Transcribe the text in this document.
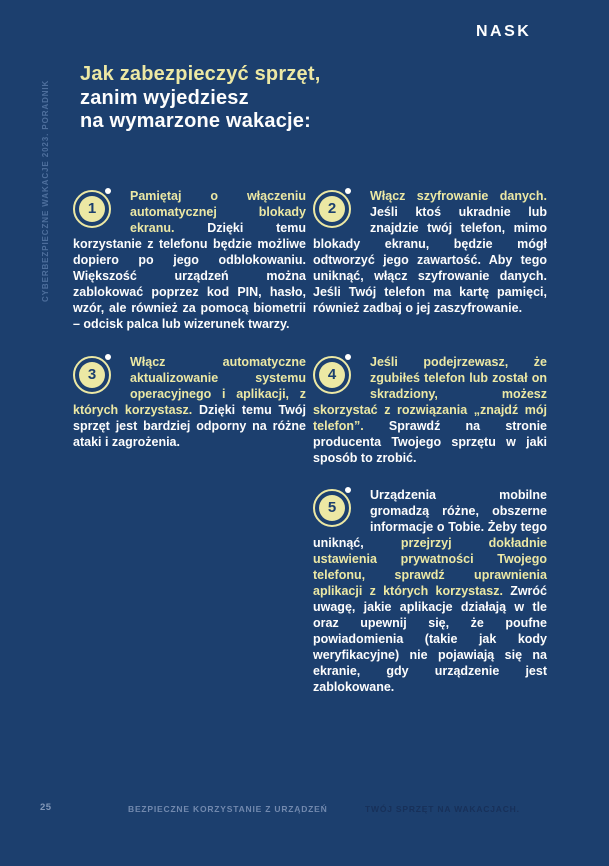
NASK
CYBERBEZPIECZNE WAKACJE 2023. PORADNIK
Jak zabezpieczyć sprzęt,
zanim wyjedziesz
na wymarzone wakacje:
1
Pamiętaj o włączeniu automatycznej blokady ekranu. Dzięki temu korzystanie z telefonu będzie możliwe dopiero po jego odblokowaniu. Większość urządzeń można zablokować poprzez kod PIN, hasło, wzór, ale również za pomocą biometrii – odcisk palca lub wizerunek twarzy.
2
Włącz szyfrowanie danych. Jeśli ktoś ukradnie lub znajdzie twój telefon, mimo blokady ekranu, będzie mógł odtworzyć jego zawartość. Aby tego uniknąć, włącz szyfrowanie danych. Jeśli Twój telefon ma kartę pamięci, również zadbaj o jej zaszyfrowanie.
3
Włącz automatyczne aktualizowanie systemu operacyjnego i aplikacji, z których korzystasz. Dzięki temu Twój sprzęt jest bardziej odporny na różne ataki i zagrożenia.
4
Jeśli podejrzewasz, że zgubiłeś telefon lub został on skradziony, możesz skorzystać z rozwiązania „znajdź mój telefon”. Sprawdź na stronie producenta Twojego sprzętu w jaki sposób to zrobić.
5
Urządzenia mobilne gromadzą różne, obszerne informacje o Tobie. Żeby tego uniknąć, przejrzyj dokładnie ustawienia prywatności Twojego telefonu, sprawdź uprawnienia aplikacji z których korzystasz. Zwróć uwagę, jakie aplikacje działają w tle oraz upewnij się, że poufne powiadomienia (takie jak kody weryfikacyjne) nie pojawiają się na ekranie, gdy urządzenie jest zablokowane.
25	BEZPIECZNE KORZYSTANIE Z URZĄDZEŃ	TWÓJ SPRZĘT NA WAKACJACH.
